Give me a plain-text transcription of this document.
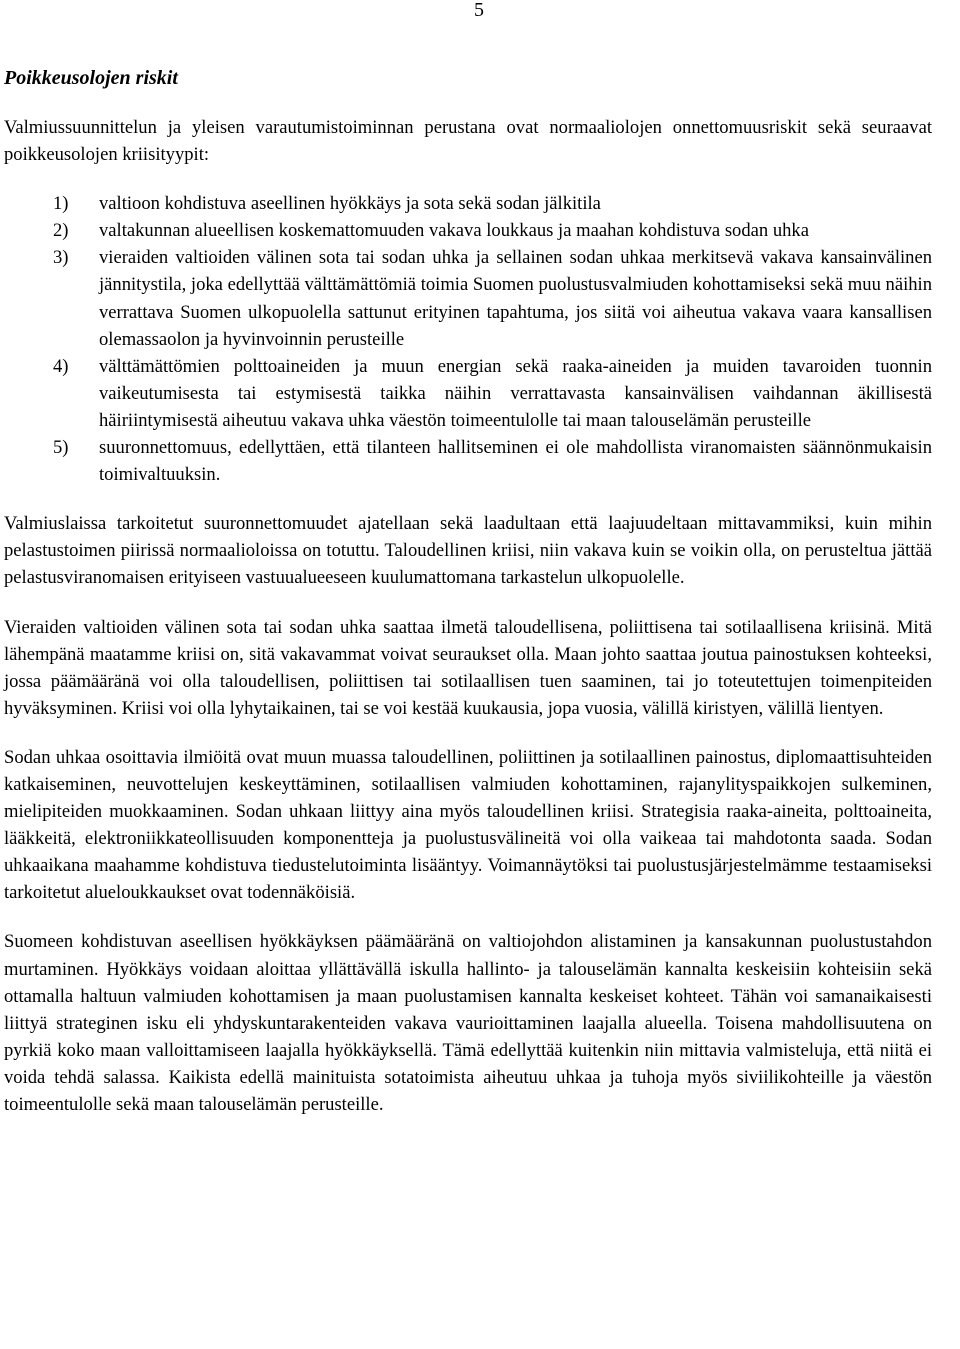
5
Poikkeusolojen riskit

Valmiussuunnittelun ja yleisen varautumistoiminnan perustana ovat normaaliolojen onnettomuusriskit sekä seuraavat poikkeusolojen kriisityypit:

1) valtioon kohdistuva aseellinen hyökkäys ja sota sekä sodan jälkitila
2) valtakunnan alueellisen koskemattomuuden vakava loukkaus ja maahan kohdistuva sodan uhka
3) vieraiden valtioiden välinen sota tai sodan uhka ja sellainen sodan uhkaa merkitsevä vakava kansainvälinen jännitystila, joka edellyttää välttämättömiä toimia Suomen puolustusvalmiuden kohottamiseksi sekä muu näihin verrattava Suomen ulkopuolella sattunut erityinen tapahtuma, jos siitä voi aiheutua vakava vaara kansallisen olemassaolon ja hyvinvoinnin perusteille
4) välttämättömien polttoaineiden ja muun energian sekä raaka-aineiden ja muiden tavaroiden tuonnin vaikeutumisesta tai estymisestä taikka näihin verrattavasta kansainvälisen vaihdannan äkillisestä häiriintymisestä aiheutuu vakava uhka väestön toimeentulolle tai maan talouselämän perusteille
5) suuronnettomuus, edellyttäen, että tilanteen hallitseminen ei ole mahdollista viranomaisten säännönmukaisin toimivaltuuksin.

Valmiuslaissa tarkoitetut suuronnettomuudet ajatellaan sekä laadultaan että laajuudeltaan mittavammiksi, kuin mihin pelastustoimen piirissä normaalioloissa on totuttu. Taloudellinen kriisi, niin vakava kuin se voikin olla, on perusteltua jättää pelastusviranomaisen erityiseen vastuualueeseen kuulumattomana tarkastelun ulkopuolelle.

Vieraiden valtioiden välinen sota tai sodan uhka saattaa ilmetä taloudellisena, poliittisena tai sotilaallisena kriisinä. Mitä lähempänä maatamme kriisi on, sitä vakavammat voivat seuraukset olla. Maan johto saattaa joutua painostuksen kohteeksi, jossa päämääränä voi olla taloudellisen, poliittisen tai sotilaallisen tuen saaminen, tai jo toteutettujen toimenpiteiden hyväksyminen. Kriisi voi olla lyhytaikainen, tai se voi kestää kuukausia, jopa vuosia, välillä kiristyen, välillä lientyen.

Sodan uhkaa osoittavia ilmiöitä ovat muun muassa taloudellinen, poliittinen ja sotilaallinen painostus, diplomaattisuhteiden katkaiseminen, neuvottelujen keskeyttäminen, sotilaallisen valmiuden kohottaminen, rajanylityspaikkojen sulkeminen, mielipiteiden muokkaaminen. Sodan uhkaan liittyy aina myös taloudellinen kriisi. Strategisia raaka-aineita, polttoaineita, lääkkeitä, elektroniikkateollisuuden komponentteja ja puolustusvälineitä voi olla vaikeaa tai mahdotonta saada. Sodan uhkaaikana maahamme kohdistuva tiedustelutoiminta lisääntyy. Voimannäytöksi tai puolustusjärjestelmämme testaamiseksi tarkoitetut alueloukkaukset ovat todennäköisiä.

Suomeen kohdistuvan aseellisen hyökkäyksen päämääränä on valtiojohdon alistaminen ja kansakunnan puolustustahdon murtaminen. Hyökkäys voidaan aloittaa yllättävällä iskulla hallinto- ja talouselämän kannalta keskeisiin kohteisiin sekä ottamalla haltuun valmiuden kohottamisen ja maan puolustamisen kannalta keskeiset kohteet. Tähän voi samanaikaisesti liittyä strateginen isku eli yhdyskuntarakenteiden vakava vaurioittaminen laajalla alueella. Toisena mahdollisuutena on pyrkiä koko maan valloittamiseen laajalla hyökkäyksellä. Tämä edellyttää kuitenkin niin mittavia valmisteluja, että niitä ei voida tehdä salassa. Kaikista edellä mainituista sotatoimista aiheutuu uhkaa ja tuhoja myös siviilikohteille ja väestön toimeentulolle sekä maan talouselämän perusteille.
